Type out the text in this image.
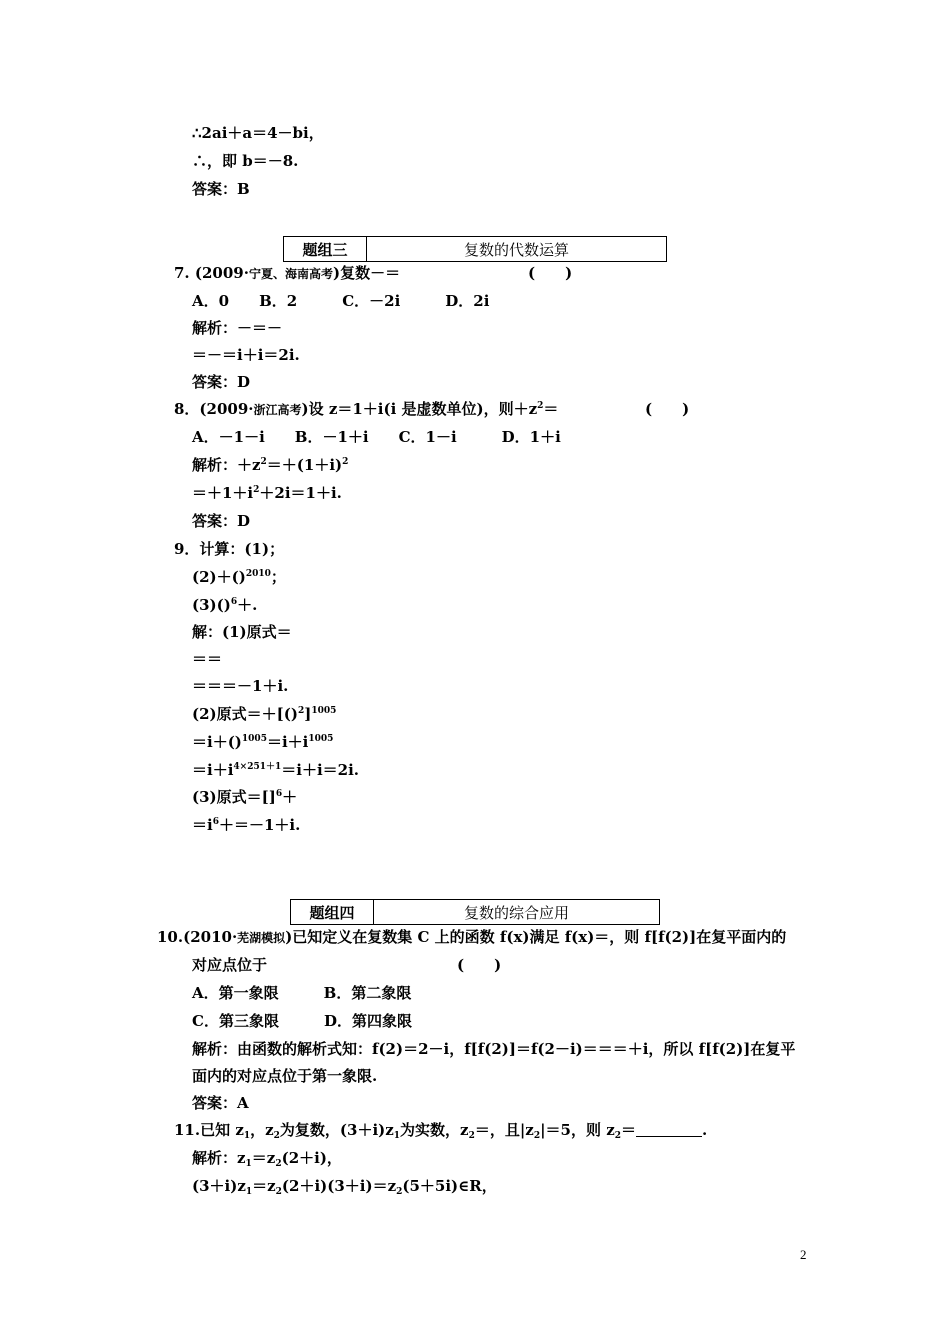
∴2ai＋a＝4－bi，
∴，即 b＝－8.
答案：B
题组三	复数的代数运算
7. (2009·宁夏、海南高考)复数－＝	(　　)
A．0　　B．2　　　C．－2i　　　D．2i
解析：－＝－
＝－＝i＋i＝2i.
答案：D
8．(2009·浙江高考)设 z＝1＋i(i 是虚数单位)，则$+z^2=$	(　　)
A．－1－i　　B．－1＋i　　C．1－i　　　D．1＋i
解析：$+z^2=+(1+i)^2$
$=+1+i^2+2i=1+i$.
答案：D
9．计算：(1)；
(2)＋()$^{2010}$；
(3)()$^6$＋.
解：(1)原式＝
＝＝
＝＝＝－1＋i.
(2)原式$=+[()^2]^{1005}$
$=i+()^{1005}=i+i^{1005}$
$=i+i^{4\times 251+1}=i+i=2i$.
(3)原式＝[]$^6$＋
$=i^6+=-1+i$.
题组四	复数的综合应用
10.(2010·芜湖模拟)已知定义在复数集 C 上的函数 f(x)满足 f(x)＝，则 f[f(2)]在复平面内的
对应点位于	(　　)
A．第一象限　　　B．第二象限
C．第三象限　　　D．第四象限
解析：由函数的解析式知：f(2)＝2－i，f[f(2)]＝f(2－i)＝＝＝＋i，所以 f[f(2)]在复平
面内的对应点位于第一象限.
答案：A
11.已知 $z_1$，$z_2$为复数，$(3+i)z_1$为实数，$z_2=$，且$|z_2|=5$，则 $z_2=$	.
解析：$z_1=z_2(2+i)$，
$(3+i)z_1=z_2(2+i)(3+i)=z_2(5+5i)\in R$，
2
